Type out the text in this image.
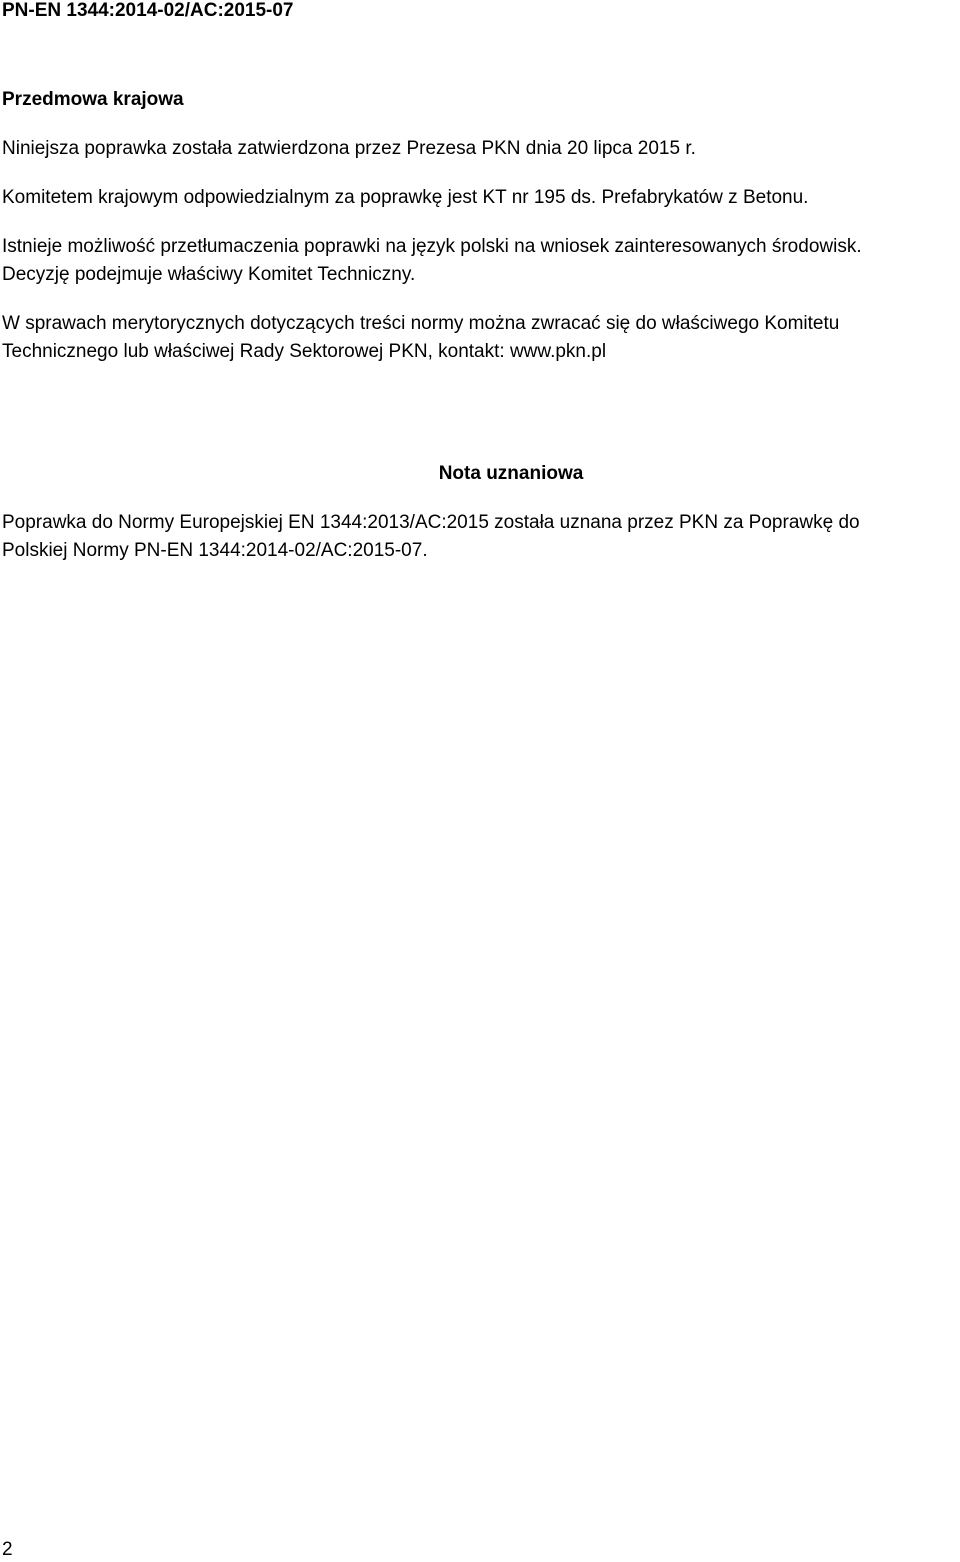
PN-EN 1344:2014-02/AC:2015-07
Przedmowa krajowa
Niniejsza poprawka została zatwierdzona przez Prezesa PKN dnia 20 lipca 2015 r.
Komitetem krajowym odpowiedzialnym za poprawkę jest KT nr 195 ds. Prefabrykatów z Betonu.
Istnieje możliwość przetłumaczenia poprawki na język polski na wniosek zainteresowanych środowisk.
Decyzję podejmuje właściwy Komitet Techniczny.
W sprawach merytorycznych dotyczących treści normy można zwracać się do właściwego Komitetu
Technicznego lub właściwej Rady Sektorowej PKN, kontakt: www.pkn.pl
Nota uznaniowa
Poprawka do Normy Europejskiej EN 1344:2013/AC:2015 została uznana przez PKN za Poprawkę do
Polskiej Normy PN-EN 1344:2014-02/AC:2015-07.
2
